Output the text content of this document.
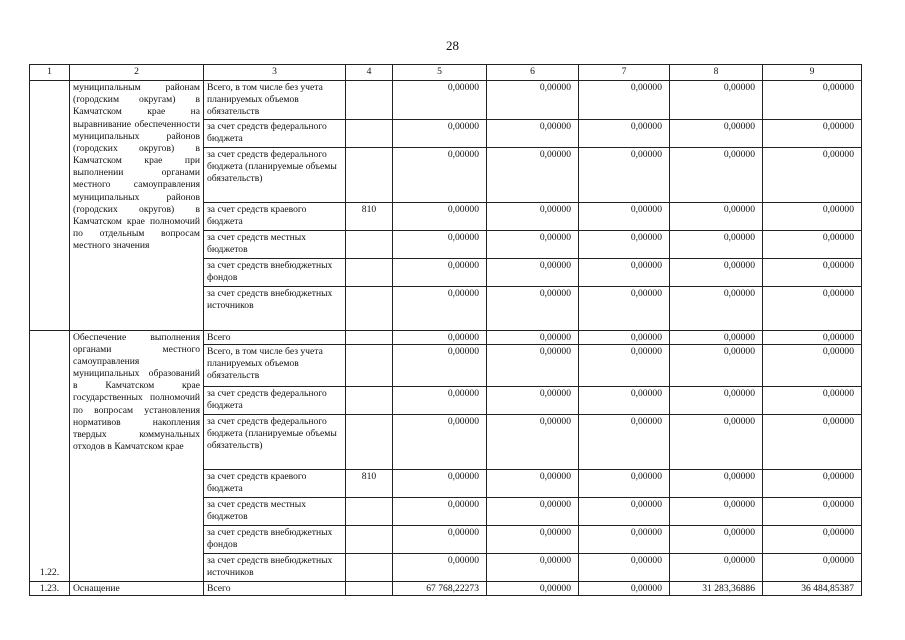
28
1	2	3	4	5	6	7	8	9
	муниципальным районам (городским округам) в Камчатском крае на выравнивание обеспеченности муниципальных районов (городских округов) в Камчатском крае при выполнении органами местного самоуправления муниципальных районов (городских округов) в Камчатском крае полномочий по отдельным вопросам местного значения	Всего, в том числе без учета планируемых объемов обязательств		0,00000	0,00000	0,00000	0,00000	0,00000
		за счет средств федерального бюджета		0,00000	0,00000	0,00000	0,00000	0,00000
		за счет средств федерального бюджета (планируемые объемы обязательств)		0,00000	0,00000	0,00000	0,00000	0,00000
		за счет средств краевого бюджета	810	0,00000	0,00000	0,00000	0,00000	0,00000
		за счет средств местных бюджетов		0,00000	0,00000	0,00000	0,00000	0,00000
		за счет средств внебюджетных фондов		0,00000	0,00000	0,00000	0,00000	0,00000
		за счет средств внебюджетных источников		0,00000	0,00000	0,00000	0,00000	0,00000
1.22.	Обеспечение выполнения органами местного самоуправления муниципальных образований в Камчатском крае государственных полномочий по вопросам установления нормативов накопления твердых коммунальных отходов в Камчатском крае	Всего		0,00000	0,00000	0,00000	0,00000	0,00000
		Всего, в том числе без учета планируемых объемов обязательств		0,00000	0,00000	0,00000	0,00000	0,00000
		за счет средств федерального бюджета		0,00000	0,00000	0,00000	0,00000	0,00000
		за счет средств федерального бюджета (планируемые объемы обязательств)		0,00000	0,00000	0,00000	0,00000	0,00000
		за счет средств краевого бюджета	810	0,00000	0,00000	0,00000	0,00000	0,00000
		за счет средств местных бюджетов		0,00000	0,00000	0,00000	0,00000	0,00000
		за счет средств внебюджетных фондов		0,00000	0,00000	0,00000	0,00000	0,00000
		за счет средств внебюджетных источников		0,00000	0,00000	0,00000	0,00000	0,00000
1.23.	Оснащение	Всего		67 768,22273	0,00000	0,00000	31 283,36886	36 484,85387
